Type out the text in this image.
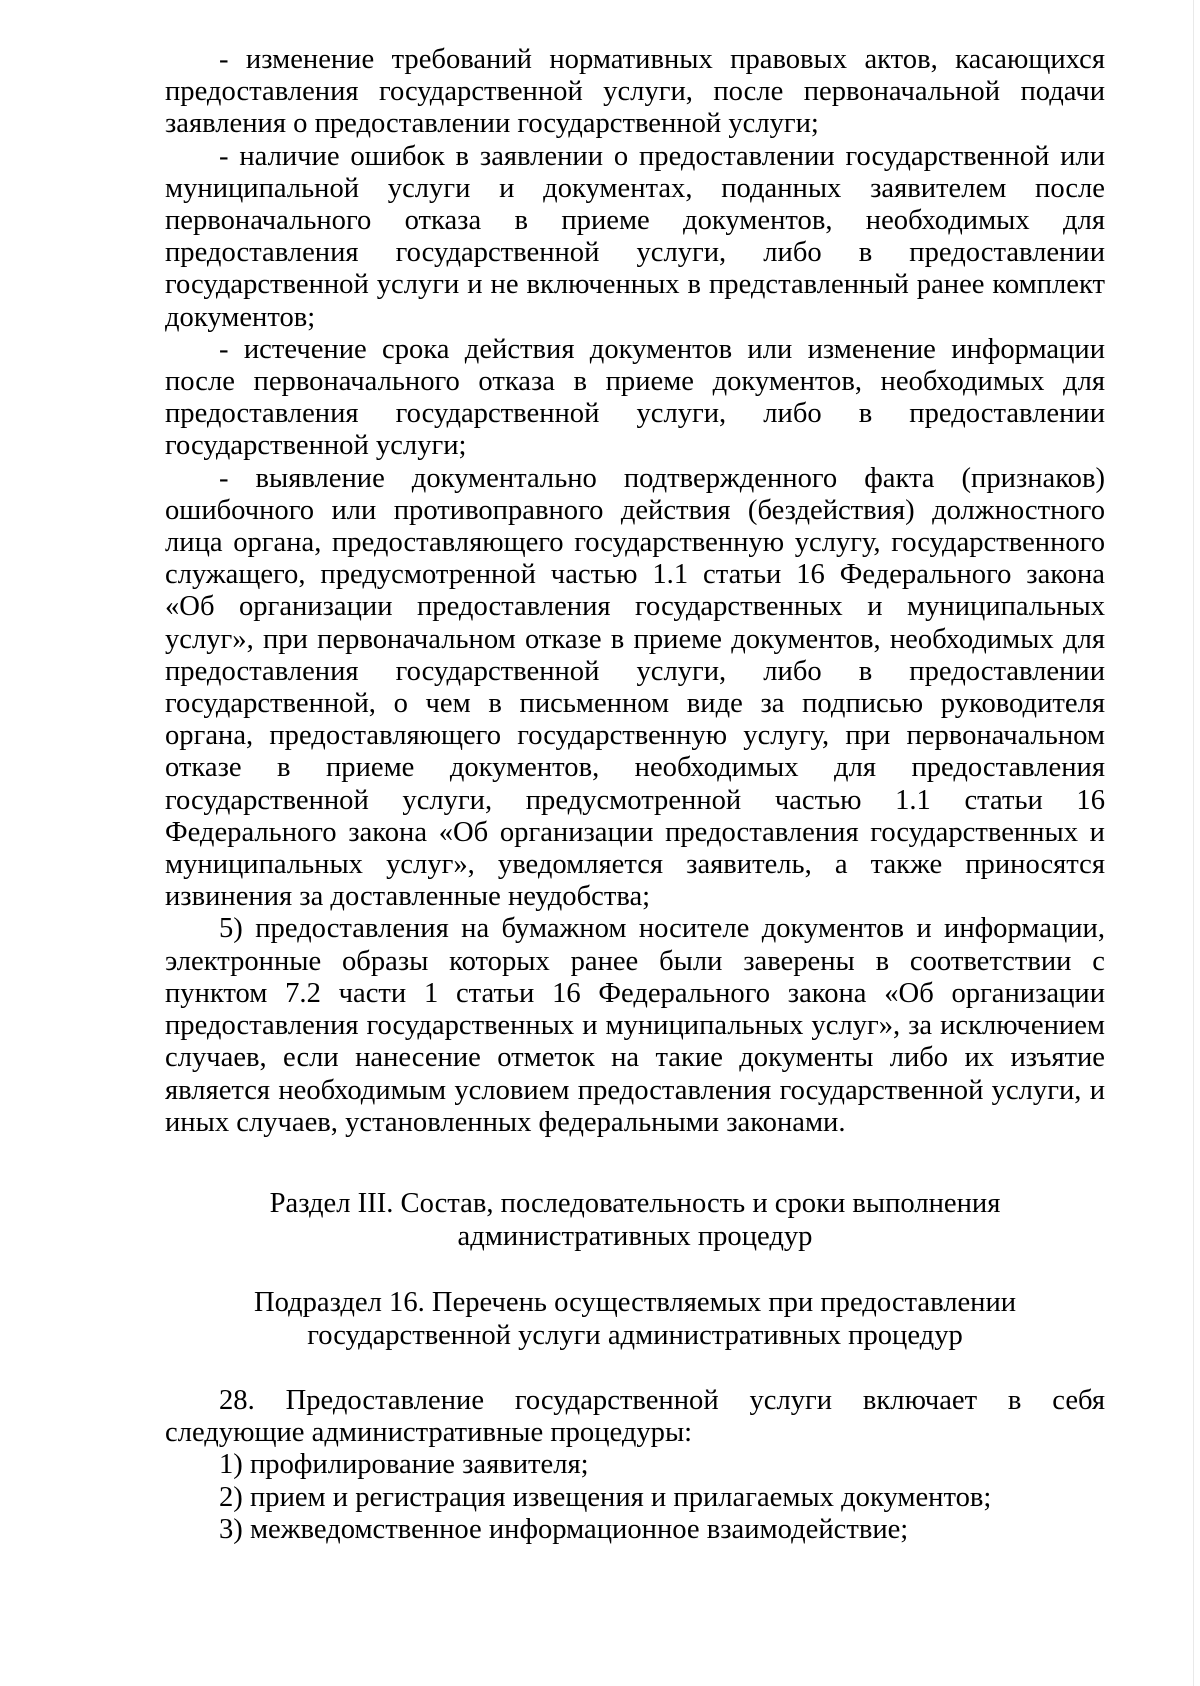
- изменение требований нормативных правовых актов, касающихся предоставления государственной услуги, после первоначальной подачи заявления о предоставлении государственной услуги;

- наличие ошибок в заявлении о предоставлении государственной или муниципальной услуги и документах, поданных заявителем после первоначального отказа в приеме документов, необходимых для предоставления государственной услуги, либо в предоставлении государственной услуги и не включенных в представленный ранее комплект документов;

- истечение срока действия документов или изменение информации после первоначального отказа в приеме документов, необходимых для предоставления государственной услуги, либо в предоставлении государственной услуги;

- выявление документально подтвержденного факта (признаков) ошибочного или противоправного действия (бездействия) должностного лица органа, предоставляющего государственную услугу, государственного служащего, предусмотренной частью 1.1 статьи 16 Федерального закона «Об организации предоставления государственных и муниципальных услуг», при первоначальном отказе в приеме документов, необходимых для предоставления государственной услуги, либо в предоставлении государственной, о чем в письменном виде за подписью руководителя органа, предоставляющего государственную услугу, при первоначальном отказе в приеме документов, необходимых для предоставления государственной услуги, предусмотренной частью 1.1 статьи 16 Федерального закона «Об организации предоставления государственных и муниципальных услуг», уведомляется заявитель, а также приносятся извинения за доставленные неудобства;

5) предоставления на бумажном носителе документов и информации, электронные образы которых ранее были заверены в соответствии с пунктом 7.2 части 1 статьи 16 Федерального закона «Об организации предоставления государственных и муниципальных услуг», за исключением случаев, если нанесение отметок на такие документы либо их изъятие является необходимым условием предоставления государственной услуги, и иных случаев, установленных федеральными законами.

Раздел III. Состав, последовательность и сроки выполнения
административных процедур
Подраздел 16. Перечень осуществляемых при предоставлении
государственной услуги административных процедур

28. Предоставление государственной услуги включает в себя следующие административные процедуры:

1) профилирование заявителя;

2) прием и регистрация извещения и прилагаемых документов;

3) межведомственное информационное взаимодействие;
